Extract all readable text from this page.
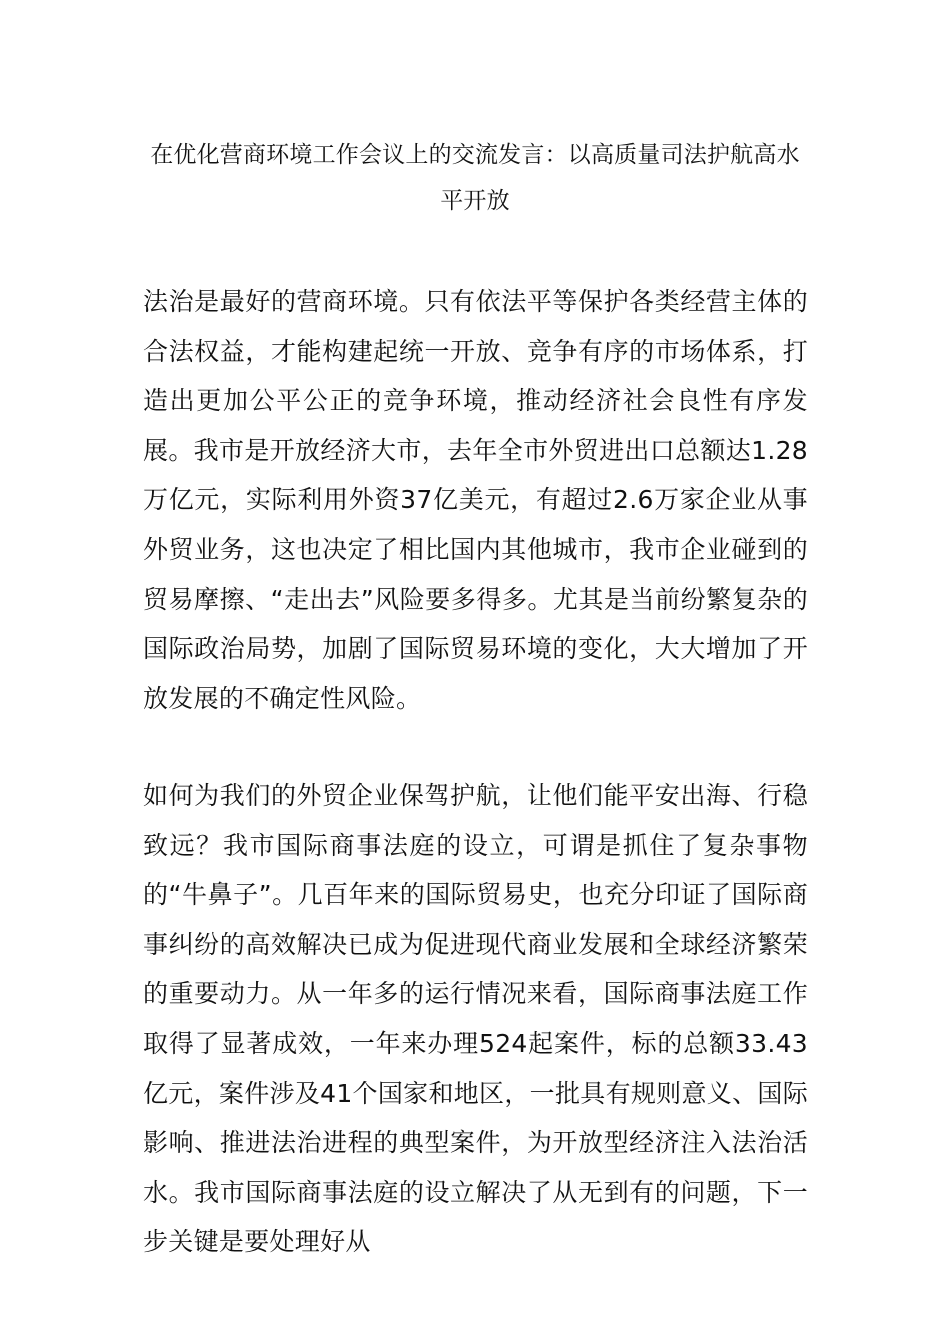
在优化营商环境工作会议上的交流发言：以高质量司法护航高水平开放

法治是最好的营商环境。只有依法平等保护各类经营主体的合法权益，才能构建起统一开放、竞争有序的市场体系，打造出更加公平公正的竞争环境，推动经济社会良性有序发展。我市是开放经济大市，去年全市外贸进出口总额达1.28万亿元，实际利用外资37亿美元，有超过2.6万家企业从事外贸业务，这也决定了相比国内其他城市，我市企业碰到的贸易摩擦、“走出去”风险要多得多。尤其是当前纷繁复杂的国际政治局势，加剧了国际贸易环境的变化，大大增加了开放发展的不确定性风险。

如何为我们的外贸企业保驾护航，让他们能平安出海、行稳致远？我市国际商事法庭的设立，可谓是抓住了复杂事物的“牛鼻子”。几百年来的国际贸易史，也充分印证了国际商事纠纷的高效解决已成为促进现代商业发展和全球经济繁荣的重要动力。从一年多的运行情况来看，国际商事法庭工作取得了显著成效，一年来办理524起案件，标的总额33.43亿元，案件涉及41个国家和地区，一批具有规则意义、国际影响、推进法治进程的典型案件，为开放型经济注入法治活水。我市国际商事法庭的设立解决了从无到有的问题，下一步关键是要处理好从
